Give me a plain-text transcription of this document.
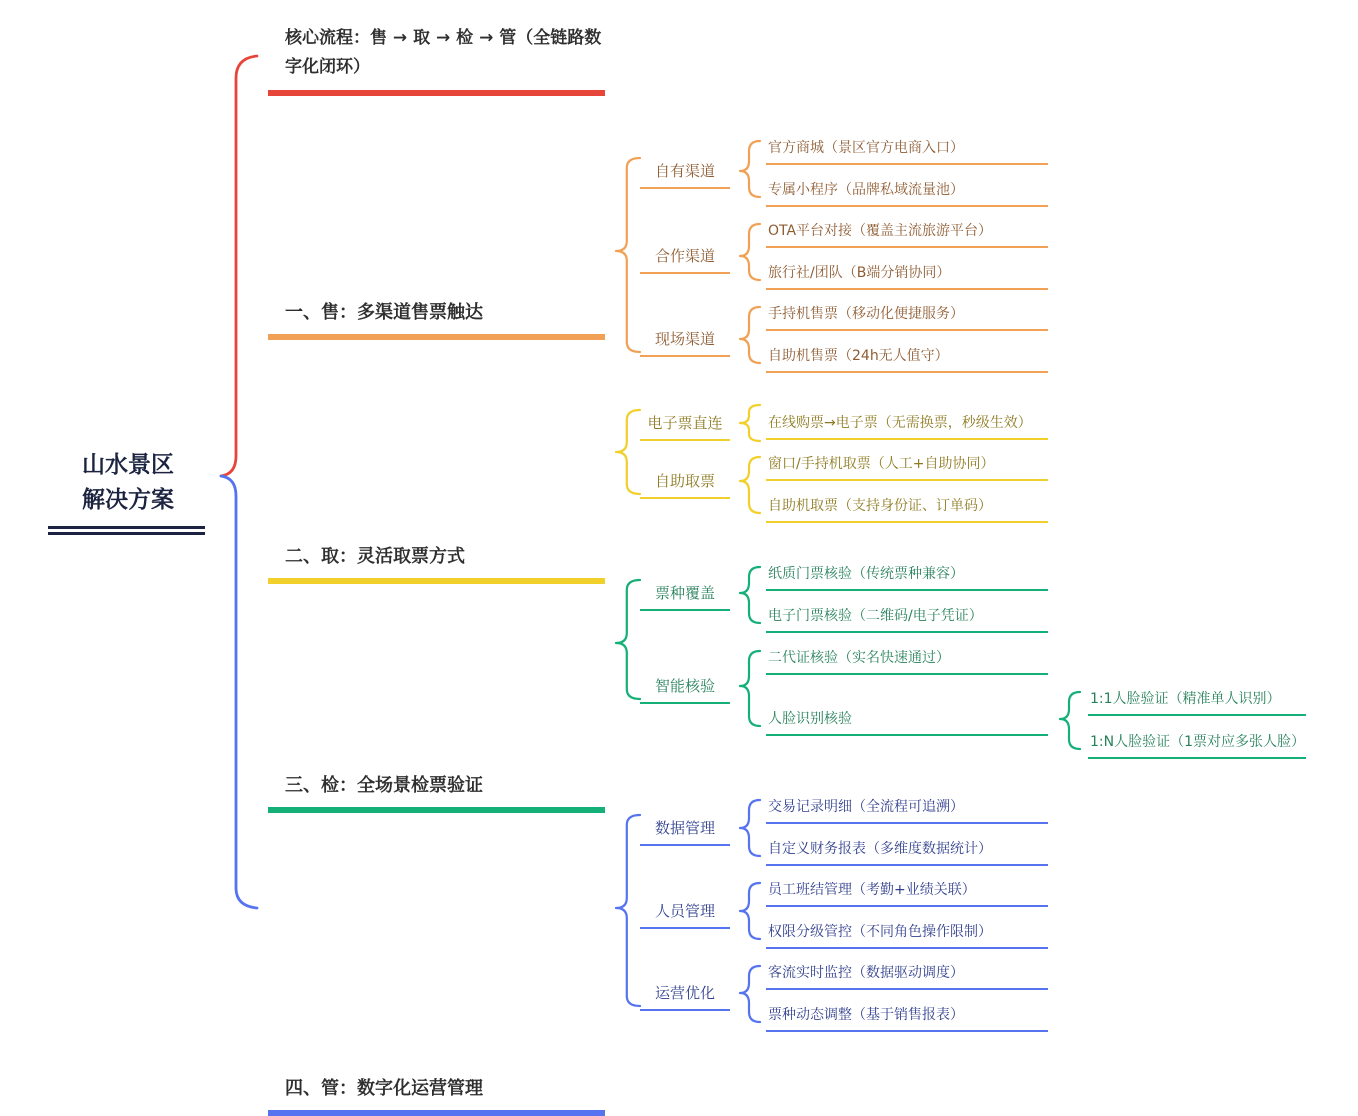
山水景区
解决方案
核心流程：售 → 取 → 检 → 管（全链路数字化闭环）
一、售：多渠道售票触达
二、取：灵活取票方式
三、检：全场景检票验证
四、管：数字化运营管理
自有渠道
合作渠道
现场渠道
电子票直连
自助取票
票种覆盖
智能核验
数据管理
人员管理
运营优化
官方商城（景区官方电商入口）
专属小程序（品牌私域流量池）
OTA平台对接（覆盖主流旅游平台）
旅行社/团队（B端分销协同）
手持机售票（移动化便捷服务）
自助机售票（24h无人值守）
在线购票→电子票（无需换票，秒级生效）
窗口/手持机取票（人工+自助协同）
自助机取票（支持身份证、订单码）
纸质门票核验（传统票种兼容）
电子门票核验（二维码/电子凭证）
二代证核验（实名快速通过）
人脸识别核验
1:1人脸验证（精准单人识别）
1:N人脸验证（1票对应多张人脸）
交易记录明细（全流程可追溯）
自定义财务报表（多维度数据统计）
员工班结管理（考勤+业绩关联）
权限分级管控（不同角色操作限制）
客流实时监控（数据驱动调度）
票种动态调整（基于销售报表）
